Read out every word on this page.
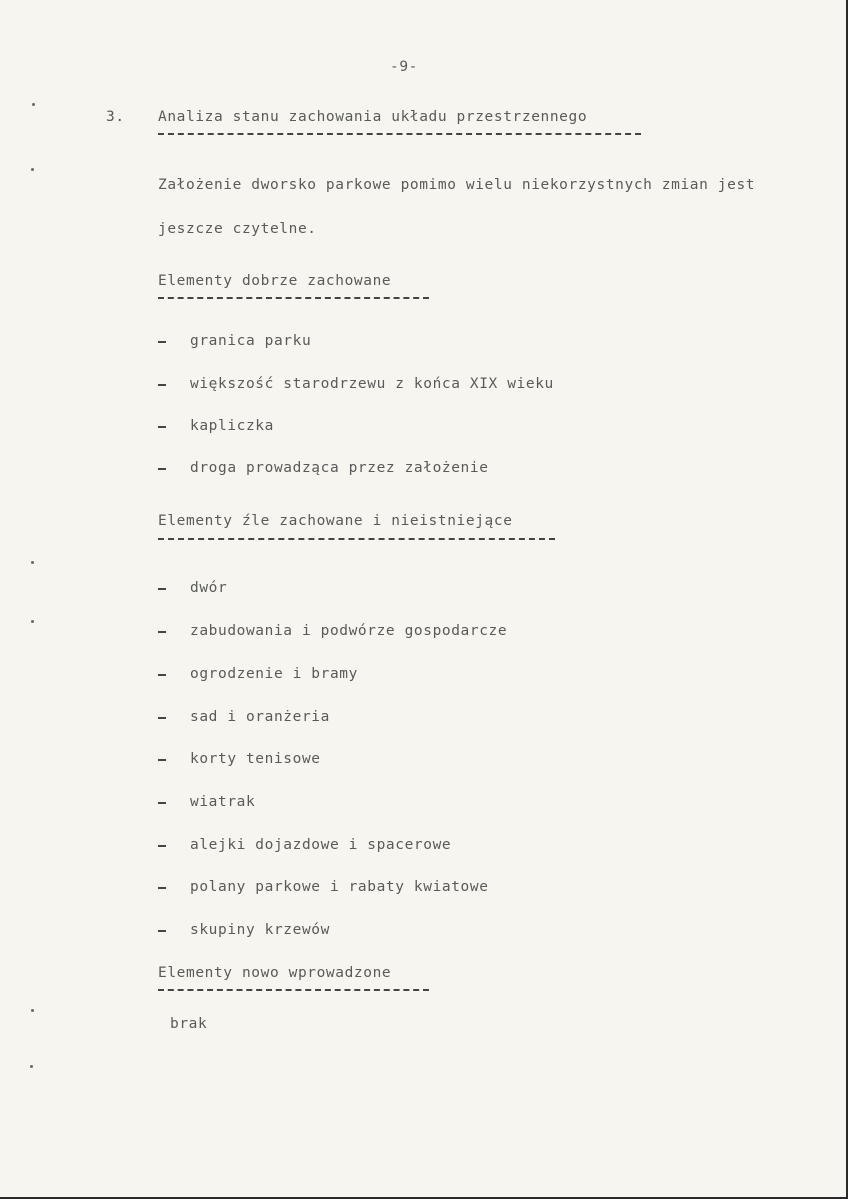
-9-
3. Analiza stanu zachowania układu przestrzennego
Założenie dworsko parkowe pomimo wielu niekorzystnych zmian jest
jeszcze czytelne.
Elementy dobrze zachowane
granica parku
większość starodrzewu z końca XIX wieku
kapliczka
droga prowadząca przez założenie
Elementy źle zachowane i nieistniejące
dwór
zabudowania i podwórze gospodarcze
ogrodzenie i bramy
sad i oranżeria
korty tenisowe
wiatrak
alejki dojazdowe i spacerowe
polany parkowe i rabaty kwiatowe
skupiny krzewów
Elementy nowo wprowadzone
brak
